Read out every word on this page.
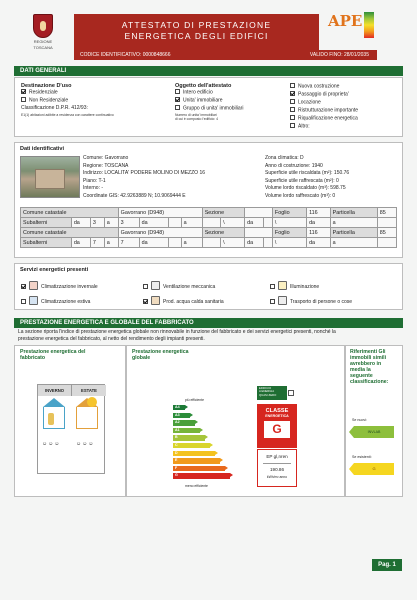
REGIONE
TOSCANA
ATTESTATO DI PRESTAZIONE
ENERGETICA DEGLI EDIFICI
CODICE IDENTIFICATIVO: 0000848666	VALIDO FINO: 28/01/2035
APE
DATI GENERALI
Destinazione D'uso
Residenziale
Non Residenziale
Classificazione D.P.R. 412/93:
E1(1) abitazioni adibite a residenza con carattere continuativo
Oggetto dell'attestato
Intero edificio
Unita' immobiliare
Gruppo di unita' immobiliari
Numero di unita' immobiliari
di cui è composto l'edificio: 4
Nuova costruzione
Passaggio di proprieta'
Locazione
Ristrutturazione importante
Riqualificazione energetica
Altro:
Dati identificativi
Comune: Gavorrano
Regione: TOSCANA
Indirizzo: LOCALITA' PODERE MOLINO DI MEZZO 16
Piano: T-1
Interno: -
Coordinate GIS: 42.9263889 N; 10.9069444 E
Zona climatica: D
Anno di costruzione: 1940
Superficie utile riscaldata (m²): 150.76
Superficie utile raffrescata (m²): 0
Volume lordo riscaldato (m³): 598.75
Volume lordo raffrescato (m³): 0
Comune catastale				Gavorrano (D948)				Sezione				Foglio	116	Particella	85
Subalterni	da	3	a	3	da		a		\	da		\	da	a	
Comune catastale				Gavorrano (D948)				Sezione				Foglio	116	Particella	85
Subalterni	da	7	a	7	da		a		\	da		\	da	a	
Servizi energetici presenti
Climatizzazione invernale
Climatizzazione estiva
Ventilazione meccanica
Prod. acqua calda sanitaria
Illuminazione
Trasporto di persone o cose
PRESTAZIONE ENERGETICA E GLOBALE DEL FABBRICATO
La sezione riporta l'indice di prestazione energetica globale non rinnovabile in funzione del fabbricato e dei servizi energetici presenti, nonché la
prestazione energetica del fabbricato, al netto del rendimento degli impianti presenti.
Prestazione energetica del
fabbricato
INVERNO	ESTATE
☺☺☺	☺☺☺
Prestazione energetica
globale
più efficiente
A4
A3
A2
A1
B
C
D
E
F
G
meno efficiente
EDIFICIO
A ENERGIA
QUASI ZERO
CLASSE
ENERGETICA
G
EP gl,nren
190.86
kWh/m² anno
Riferimenti Gli
immobili simili
avrebbero in
media la
seguente
classificazione:
Se nuovi:
INVLAB
Se esistenti:
G
Pag. 1
